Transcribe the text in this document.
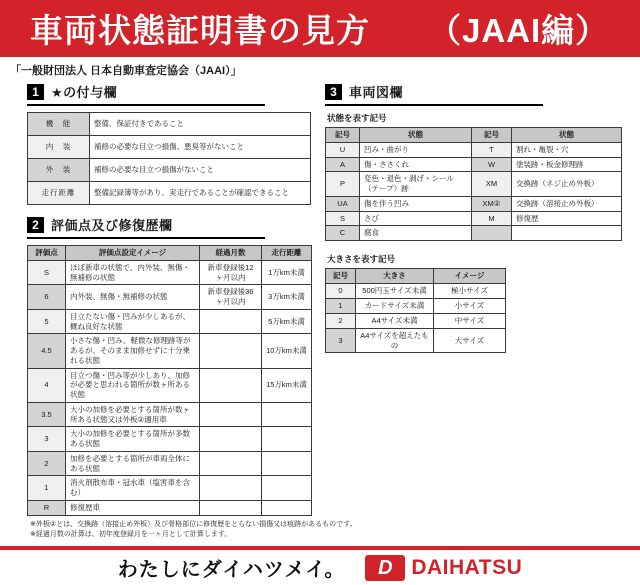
車両状態証明書の見方 （JAAI編）
「一般財団法人 日本自動車査定協会（JAAI）」
1 ★の付与欄
機　能	整備、保証付きであること
内　装	補修の必要な目立つ損傷、悪臭等がないこと
外　装	補修の必要な目立つ損傷がないこと
走行距離	整備記録簿等があり、実走行であることが確認できること
2 評価点及び修復歴欄
評価点	評価点設定イメージ	経過月数	走行距離
S	ほぼ新車の状態で、内外装、無傷・無補修の状態	新車登録後12ヶ月以内	1万km未満
6	内外装、無傷・無補修の状態	新車登録後36ヶ月以内	3万km未満
5	目立たない傷・凹みが少しあるが、概ね良好な状態		5万km未満
4.5	小さな傷・凹み、軽微な修理跡等があるが、そのまま加修せずに十分乗れる状態		10万km未満
4	目立つ傷・凹み等が少しあり、加修が必要と思われる箇所が数ヶ所ある状態		15万km未満
3.5	大小の加修を必要とする箇所が数ヶ所ある状態又は外板②適用車		
3	大小の加修を必要とする箇所が多数ある状態		
2	加修を必要とする箇所が車両全体にある状態		
1	消火剤散布車・冠水車（塩害車を含む）		
R	修復歴車		
3 車両図欄
状態を表す記号
記号	状態	記号	状態
U	凹み・曲がり	T	割れ・亀裂・穴
A	傷・ささくれ	W	塗装跡・板金修理跡
P	変色・退色・剥げ・シール（テープ）跡	XM	交換跡（ネジ止め外板）
UA	傷を伴う凹み	XM②	交換跡（溶接止め外板）
S	さび	M	修復歴
C	腐食		
大きさを表す記号
記号	大きさ	イメージ
0	500円玉サイズ未満	極小サイズ
1	カードサイズ未満	小サイズ
2	A4サイズ未満	中サイズ
3	A4サイズを超えたもの	大サイズ
※外板②とは、交換跡（溶接止め外板）及び骨格部位に修復歴をとらない損傷又は痕跡があるものです。
※経過月数の計算は、初年度登録月を一ヶ月として計算します。
わたしにダイハツメイ。 D DAIHATSU
